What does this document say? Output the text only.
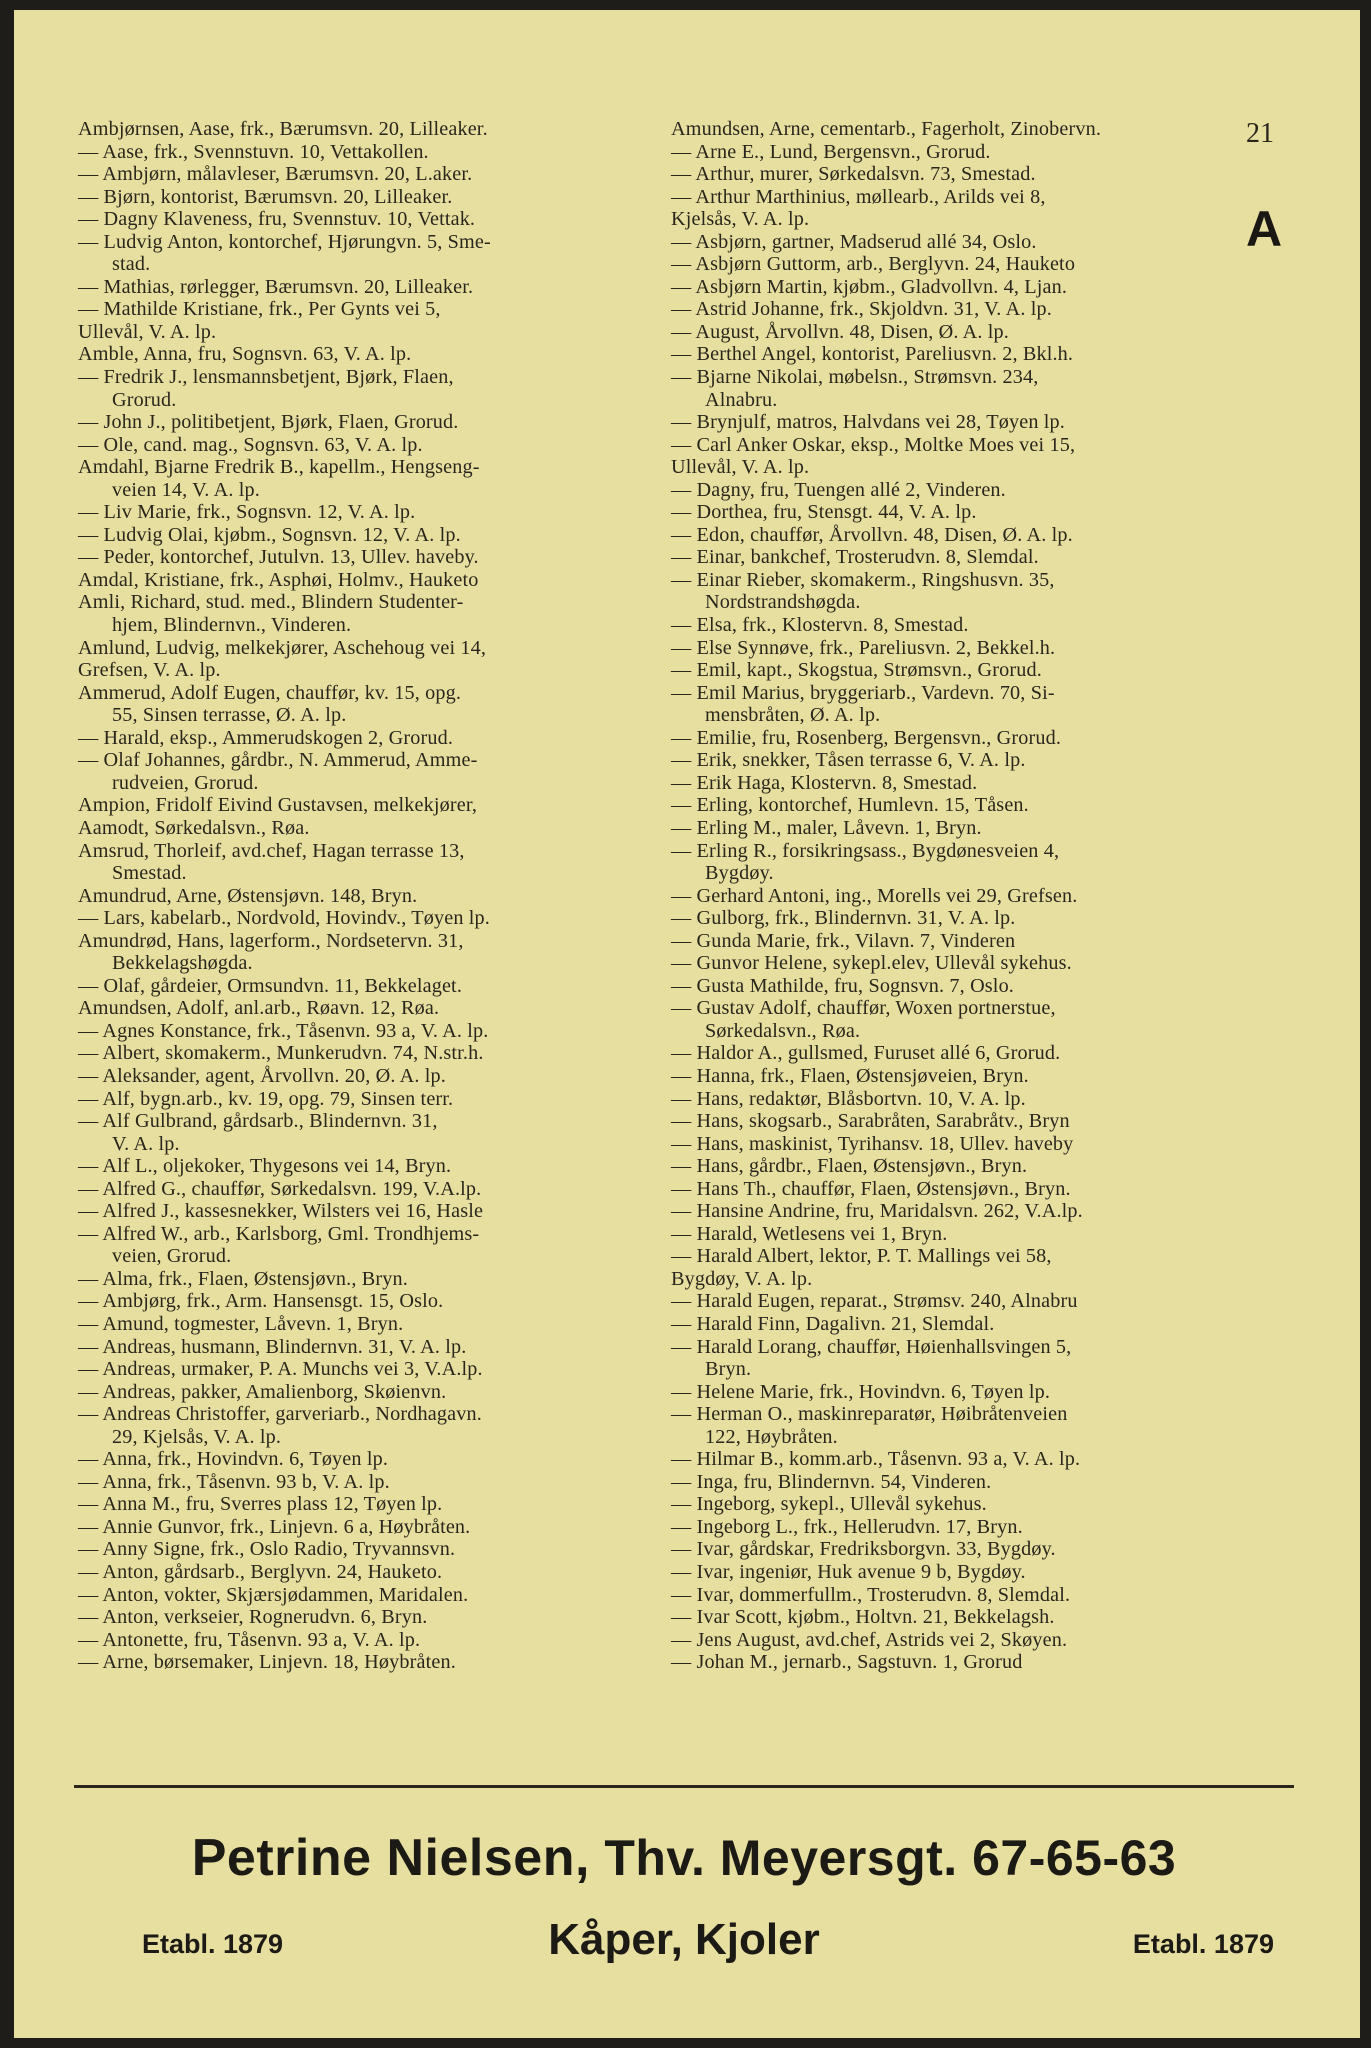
Ambjørnsen, Aase, frk., Bærumsvn. 20, Lilleaker.
— Aase, frk., Svennstuvn. 10, Vettakollen.
— Ambjørn, målavleser, Bærumsvn. 20, L.aker.
— Bjørn, kontorist, Bærumsvn. 20, Lilleaker.
— Dagny Klaveness, fru, Svennstuv. 10, Vettak.
— Ludvig Anton, kontorchef, Hjørungvn. 5, Sme-
stad.
— Mathias, rørlegger, Bærumsvn. 20, Lilleaker.
— Mathilde Kristiane, frk., Per Gynts vei 5,
Ullevål, V. A. lp.
Amble, Anna, fru, Sognsvn. 63, V. A. lp.
— Fredrik J., lensmannsbetjent, Bjørk, Flaen,
Grorud.
— John J., politibetjent, Bjørk, Flaen, Grorud.
— Ole, cand. mag., Sognsvn. 63, V. A. lp.
Amdahl, Bjarne Fredrik B., kapellm., Hengseng-
veien 14, V. A. lp.
— Liv Marie, frk., Sognsvn. 12, V. A. lp.
— Ludvig Olai, kjøbm., Sognsvn. 12, V. A. lp.
— Peder, kontorchef, Jutulvn. 13, Ullev. haveby.
Amdal, Kristiane, frk., Asphøi, Holmv., Hauketo
Amli, Richard, stud. med., Blindern Studenter-
hjem, Blindernvn., Vinderen.
Amlund, Ludvig, melkekjører, Aschehoug vei 14,
Grefsen, V. A. lp.
Ammerud, Adolf Eugen, chauffør, kv. 15, opg.
55, Sinsen terrasse, Ø. A. lp.
— Harald, eksp., Ammerudskogen 2, Grorud.
— Olaf Johannes, gårdbr., N. Ammerud, Amme-
rudveien, Grorud.
Ampion, Fridolf Eivind Gustavsen, melkekjører,
Aamodt, Sørkedalsvn., Røa.
Amsrud, Thorleif, avd.chef, Hagan terrasse 13,
Smestad.
Amundrud, Arne, Østensjøvn. 148, Bryn.
— Lars, kabelarb., Nordvold, Hovindv., Tøyen lp.
Amundrød, Hans, lagerform., Nordsetervn. 31,
Bekkelagshøgda.
— Olaf, gårdeier, Ormsundvn. 11, Bekkelaget.
Amundsen, Adolf, anl.arb., Røavn. 12, Røa.
— Agnes Konstance, frk., Tåsenvn. 93 a, V. A. lp.
— Albert, skomakerm., Munkerudvn. 74, N.str.h.
— Aleksander, agent, Årvollvn. 20, Ø. A. lp.
— Alf, bygn.arb., kv. 19, opg. 79, Sinsen terr.
— Alf Gulbrand, gårdsarb., Blindernvn. 31,
V. A. lp.
— Alf L., oljekoker, Thygesons vei 14, Bryn.
— Alfred G., chauffør, Sørkedalsvn. 199, V.A.lp.
— Alfred J., kassesnekker, Wilsters vei 16, Hasle
— Alfred W., arb., Karlsborg, Gml. Trondhjems-
veien, Grorud.
— Alma, frk., Flaen, Østensjøvn., Bryn.
— Ambjørg, frk., Arm. Hansensgt. 15, Oslo.
— Amund, togmester, Låvevn. 1, Bryn.
— Andreas, husmann, Blindernvn. 31, V. A. lp.
— Andreas, urmaker, P. A. Munchs vei 3, V.A.lp.
— Andreas, pakker, Amalienborg, Skøienvn.
— Andreas Christoffer, garveriarb., Nordhagavn.
29, Kjelsås, V. A. lp.
— Anna, frk., Hovindvn. 6, Tøyen lp.
— Anna, frk., Tåsenvn. 93 b, V. A. lp.
— Anna M., fru, Sverres plass 12, Tøyen lp.
— Annie Gunvor, frk., Linjevn. 6 a, Høybråten.
— Anny Signe, frk., Oslo Radio, Tryvannsvn.
— Anton, gårdsarb., Berglyvn. 24, Hauketo.
— Anton, vokter, Skjærsjødammen, Maridalen.
— Anton, verkseier, Rognerudvn. 6, Bryn.
— Antonette, fru, Tåsenvn. 93 a, V. A. lp.
— Arne, børsemaker, Linjevn. 18, Høybråten.
Amundsen, Arne, cementarb., Fagerholt, Zinobervn.
— Arne E., Lund, Bergensvn., Grorud.
— Arthur, murer, Sørkedalsvn. 73, Smestad.
— Arthur Marthinius, møllearb., Arilds vei 8,
Kjelsås, V. A. lp.
— Asbjørn, gartner, Madserud allé 34, Oslo.
— Asbjørn Guttorm, arb., Berglyvn. 24, Hauketo
— Asbjørn Martin, kjøbm., Gladvollvn. 4, Ljan.
— Astrid Johanne, frk., Skjoldvn. 31, V. A. lp.
— August, Årvollvn. 48, Disen, Ø. A. lp.
— Berthel Angel, kontorist, Pareliusvn. 2, Bkl.h.
— Bjarne Nikolai, møbelsn., Strømsvn. 234,
Alnabru.
— Brynjulf, matros, Halvdans vei 28, Tøyen lp.
— Carl Anker Oskar, eksp., Moltke Moes vei 15,
Ullevål, V. A. lp.
— Dagny, fru, Tuengen allé 2, Vinderen.
— Dorthea, fru, Stensgt. 44, V. A. lp.
— Edon, chauffør, Årvollvn. 48, Disen, Ø. A. lp.
— Einar, bankchef, Trosterudvn. 8, Slemdal.
— Einar Rieber, skomakerm., Ringshusvn. 35,
Nordstrandshøgda.
— Elsa, frk., Klostervn. 8, Smestad.
— Else Synnøve, frk., Pareliusvn. 2, Bekkel.h.
— Emil, kapt., Skogstua, Strømsvn., Grorud.
— Emil Marius, bryggeriarb., Vardevn. 70, Si-
mensbråten, Ø. A. lp.
— Emilie, fru, Rosenberg, Bergensvn., Grorud.
— Erik, snekker, Tåsen terrasse 6, V. A. lp.
— Erik Haga, Klostervn. 8, Smestad.
— Erling, kontorchef, Humlevn. 15, Tåsen.
— Erling M., maler, Låvevn. 1, Bryn.
— Erling R., forsikringsass., Bygdønesveien 4,
Bygdøy.
— Gerhard Antoni, ing., Morells vei 29, Grefsen.
— Gulborg, frk., Blindernvn. 31, V. A. lp.
— Gunda Marie, frk., Vilavn. 7, Vinderen
— Gunvor Helene, sykepl.elev, Ullevål sykehus.
— Gusta Mathilde, fru, Sognsvn. 7, Oslo.
— Gustav Adolf, chauffør, Woxen portnerstue,
Sørkedalsvn., Røa.
— Haldor A., gullsmed, Furuset allé 6, Grorud.
— Hanna, frk., Flaen, Østensjøveien, Bryn.
— Hans, redaktør, Blåsbortvn. 10, V. A. lp.
— Hans, skogsarb., Sarabråten, Sarabråtv., Bryn
— Hans, maskinist, Tyrihansv. 18, Ullev. haveby
— Hans, gårdbr., Flaen, Østensjøvn., Bryn.
— Hans Th., chauffør, Flaen, Østensjøvn., Bryn.
— Hansine Andrine, fru, Maridalsvn. 262, V.A.lp.
— Harald, Wetlesens vei 1, Bryn.
— Harald Albert, lektor, P. T. Mallings vei 58,
Bygdøy, V. A. lp.
— Harald Eugen, reparat., Strømsv. 240, Alnabru
— Harald Finn, Dagalivn. 21, Slemdal.
— Harald Lorang, chauffør, Høienhallsvingen 5,
Bryn.
— Helene Marie, frk., Hovindvn. 6, Tøyen lp.
— Herman O., maskinreparatør, Høibråtenveien
122, Høybråten.
— Hilmar B., komm.arb., Tåsenvn. 93 a, V. A. lp.
— Inga, fru, Blindernvn. 54, Vinderen.
— Ingeborg, sykepl., Ullevål sykehus.
— Ingeborg L., frk., Hellerudvn. 17, Bryn.
— Ivar, gårdskar, Fredriksborgvn. 33, Bygdøy.
— Ivar, ingeniør, Huk avenue 9 b, Bygdøy.
— Ivar, dommerfullm., Trosterudvn. 8, Slemdal.
— Ivar Scott, kjøbm., Holtvn. 21, Bekkelagsh.
— Jens August, avd.chef, Astrids vei 2, Skøyen.
— Johan M., jernarb., Sagstuvn. 1, Grorud
21
A
Petrine Nielsen, Thv. Meyersgt. 67-65-63
Kåper, Kjoler
Etabl. 1879	Etabl. 1879
